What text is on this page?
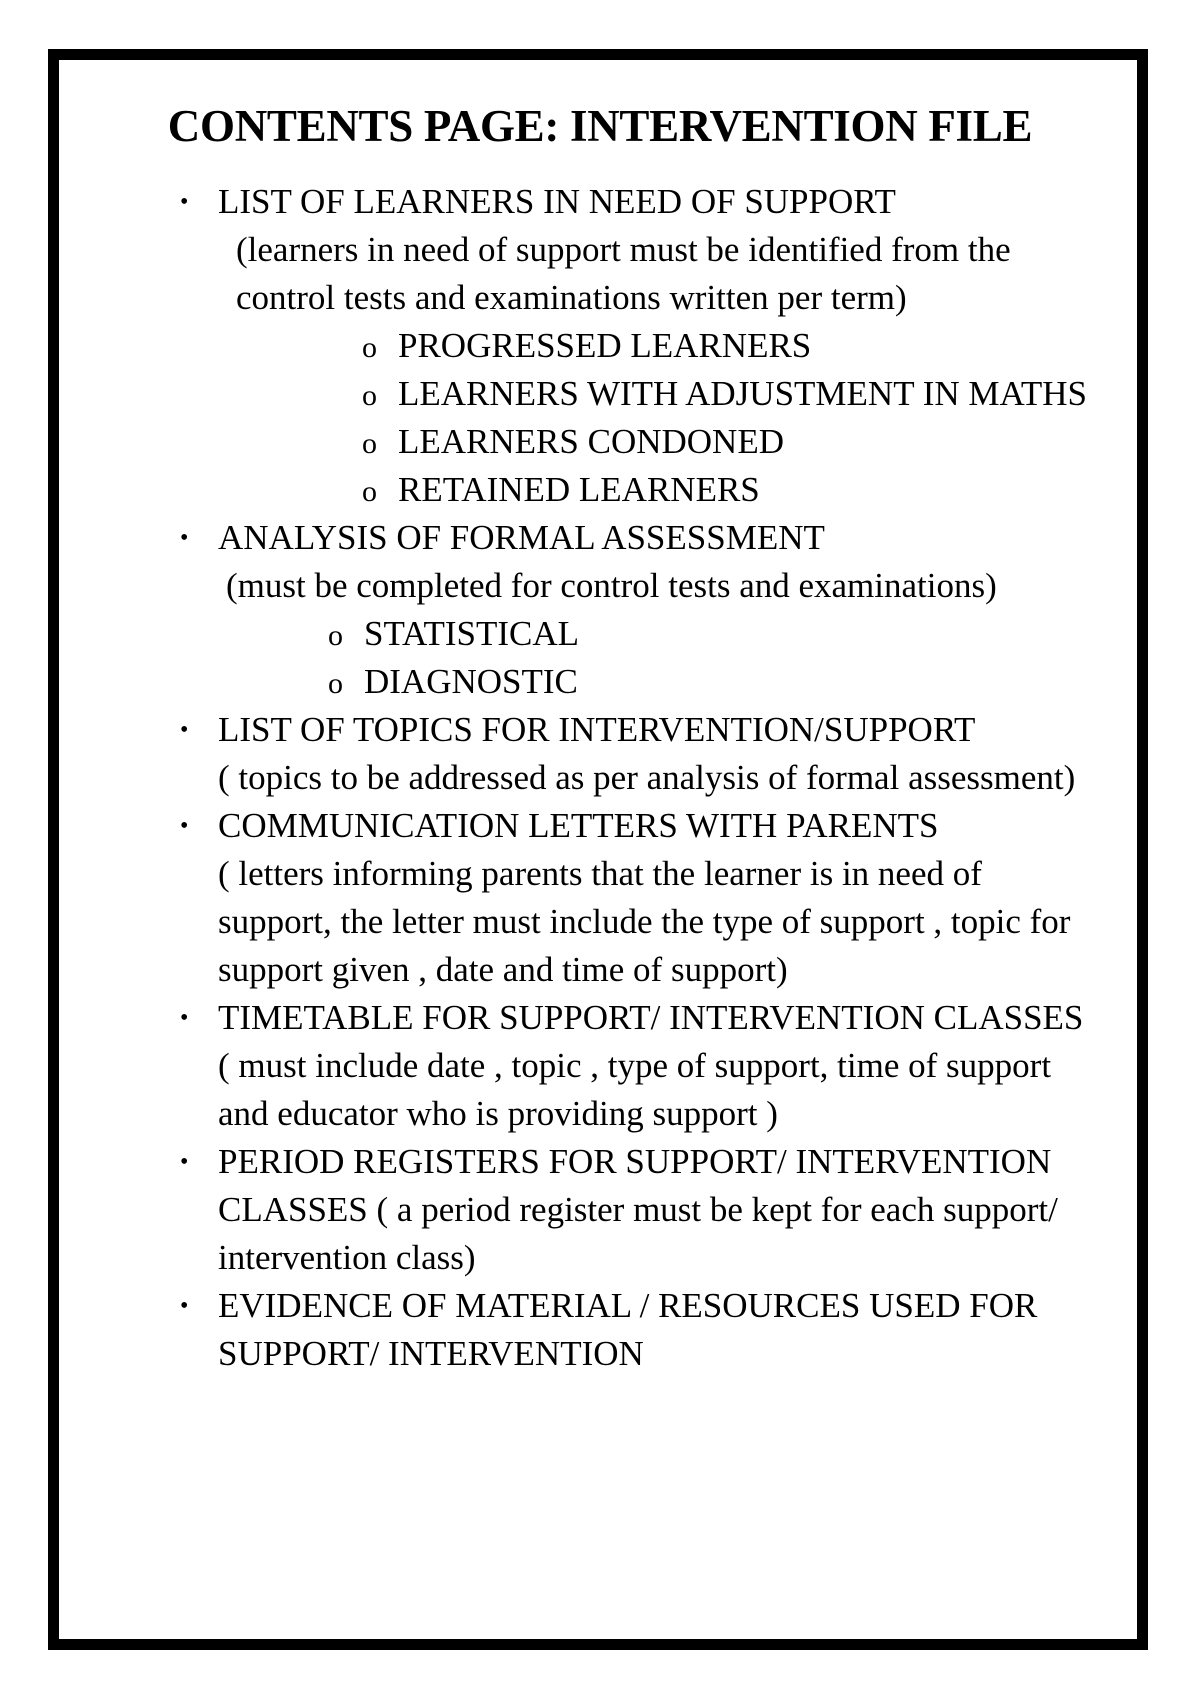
CONTENTS PAGE: INTERVENTION FILE
• LIST OF LEARNERS IN NEED OF SUPPORT
(learners in need of support must be identified from the control tests and examinations written per term)
o PROGRESSED LEARNERS
o LEARNERS WITH ADJUSTMENT IN MATHS
o LEARNERS CONDONED
o RETAINED LEARNERS
• ANALYSIS OF FORMAL ASSESSMENT
(must be completed for control tests and examinations)
o STATISTICAL
o DIAGNOSTIC
• LIST OF TOPICS FOR INTERVENTION/SUPPORT
( topics to be addressed as per analysis of formal assessment)
• COMMUNICATION LETTERS WITH PARENTS
( letters informing parents that the learner is in need of support, the letter must include the type of support , topic for support given , date and time of support)
• TIMETABLE FOR SUPPORT/ INTERVENTION CLASSES ( must include date , topic , type of support, time of support and educator who is providing support )
• PERIOD REGISTERS FOR SUPPORT/ INTERVENTION CLASSES ( a period register must be kept for each support/ intervention class)
• EVIDENCE OF MATERIAL / RESOURCES USED FOR SUPPORT/ INTERVENTION
